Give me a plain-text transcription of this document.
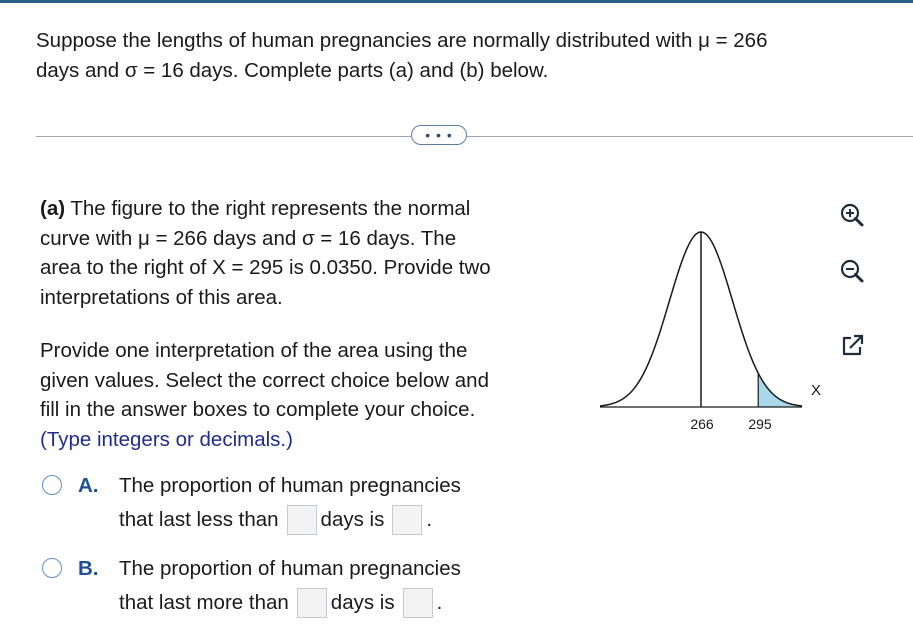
Suppose the lengths of human pregnancies are normally distributed with μ = 266
days and σ = 16 days. Complete parts (a) and (b) below.
• • •
(a) The figure to the right represents the normal
curve with μ = 266 days and σ = 16 days. The
area to the right of X = 295 is 0.0350. Provide two
interpretations of this area.
Provide one interpretation of the area using the
given values. Select the correct choice below and
fill in the answer boxes to complete your choice.
(Type integers or decimals.)
A. The proportion of human pregnancies
that last less than days is .
B. The proportion of human pregnancies
that last more than days is .
266 295
X
